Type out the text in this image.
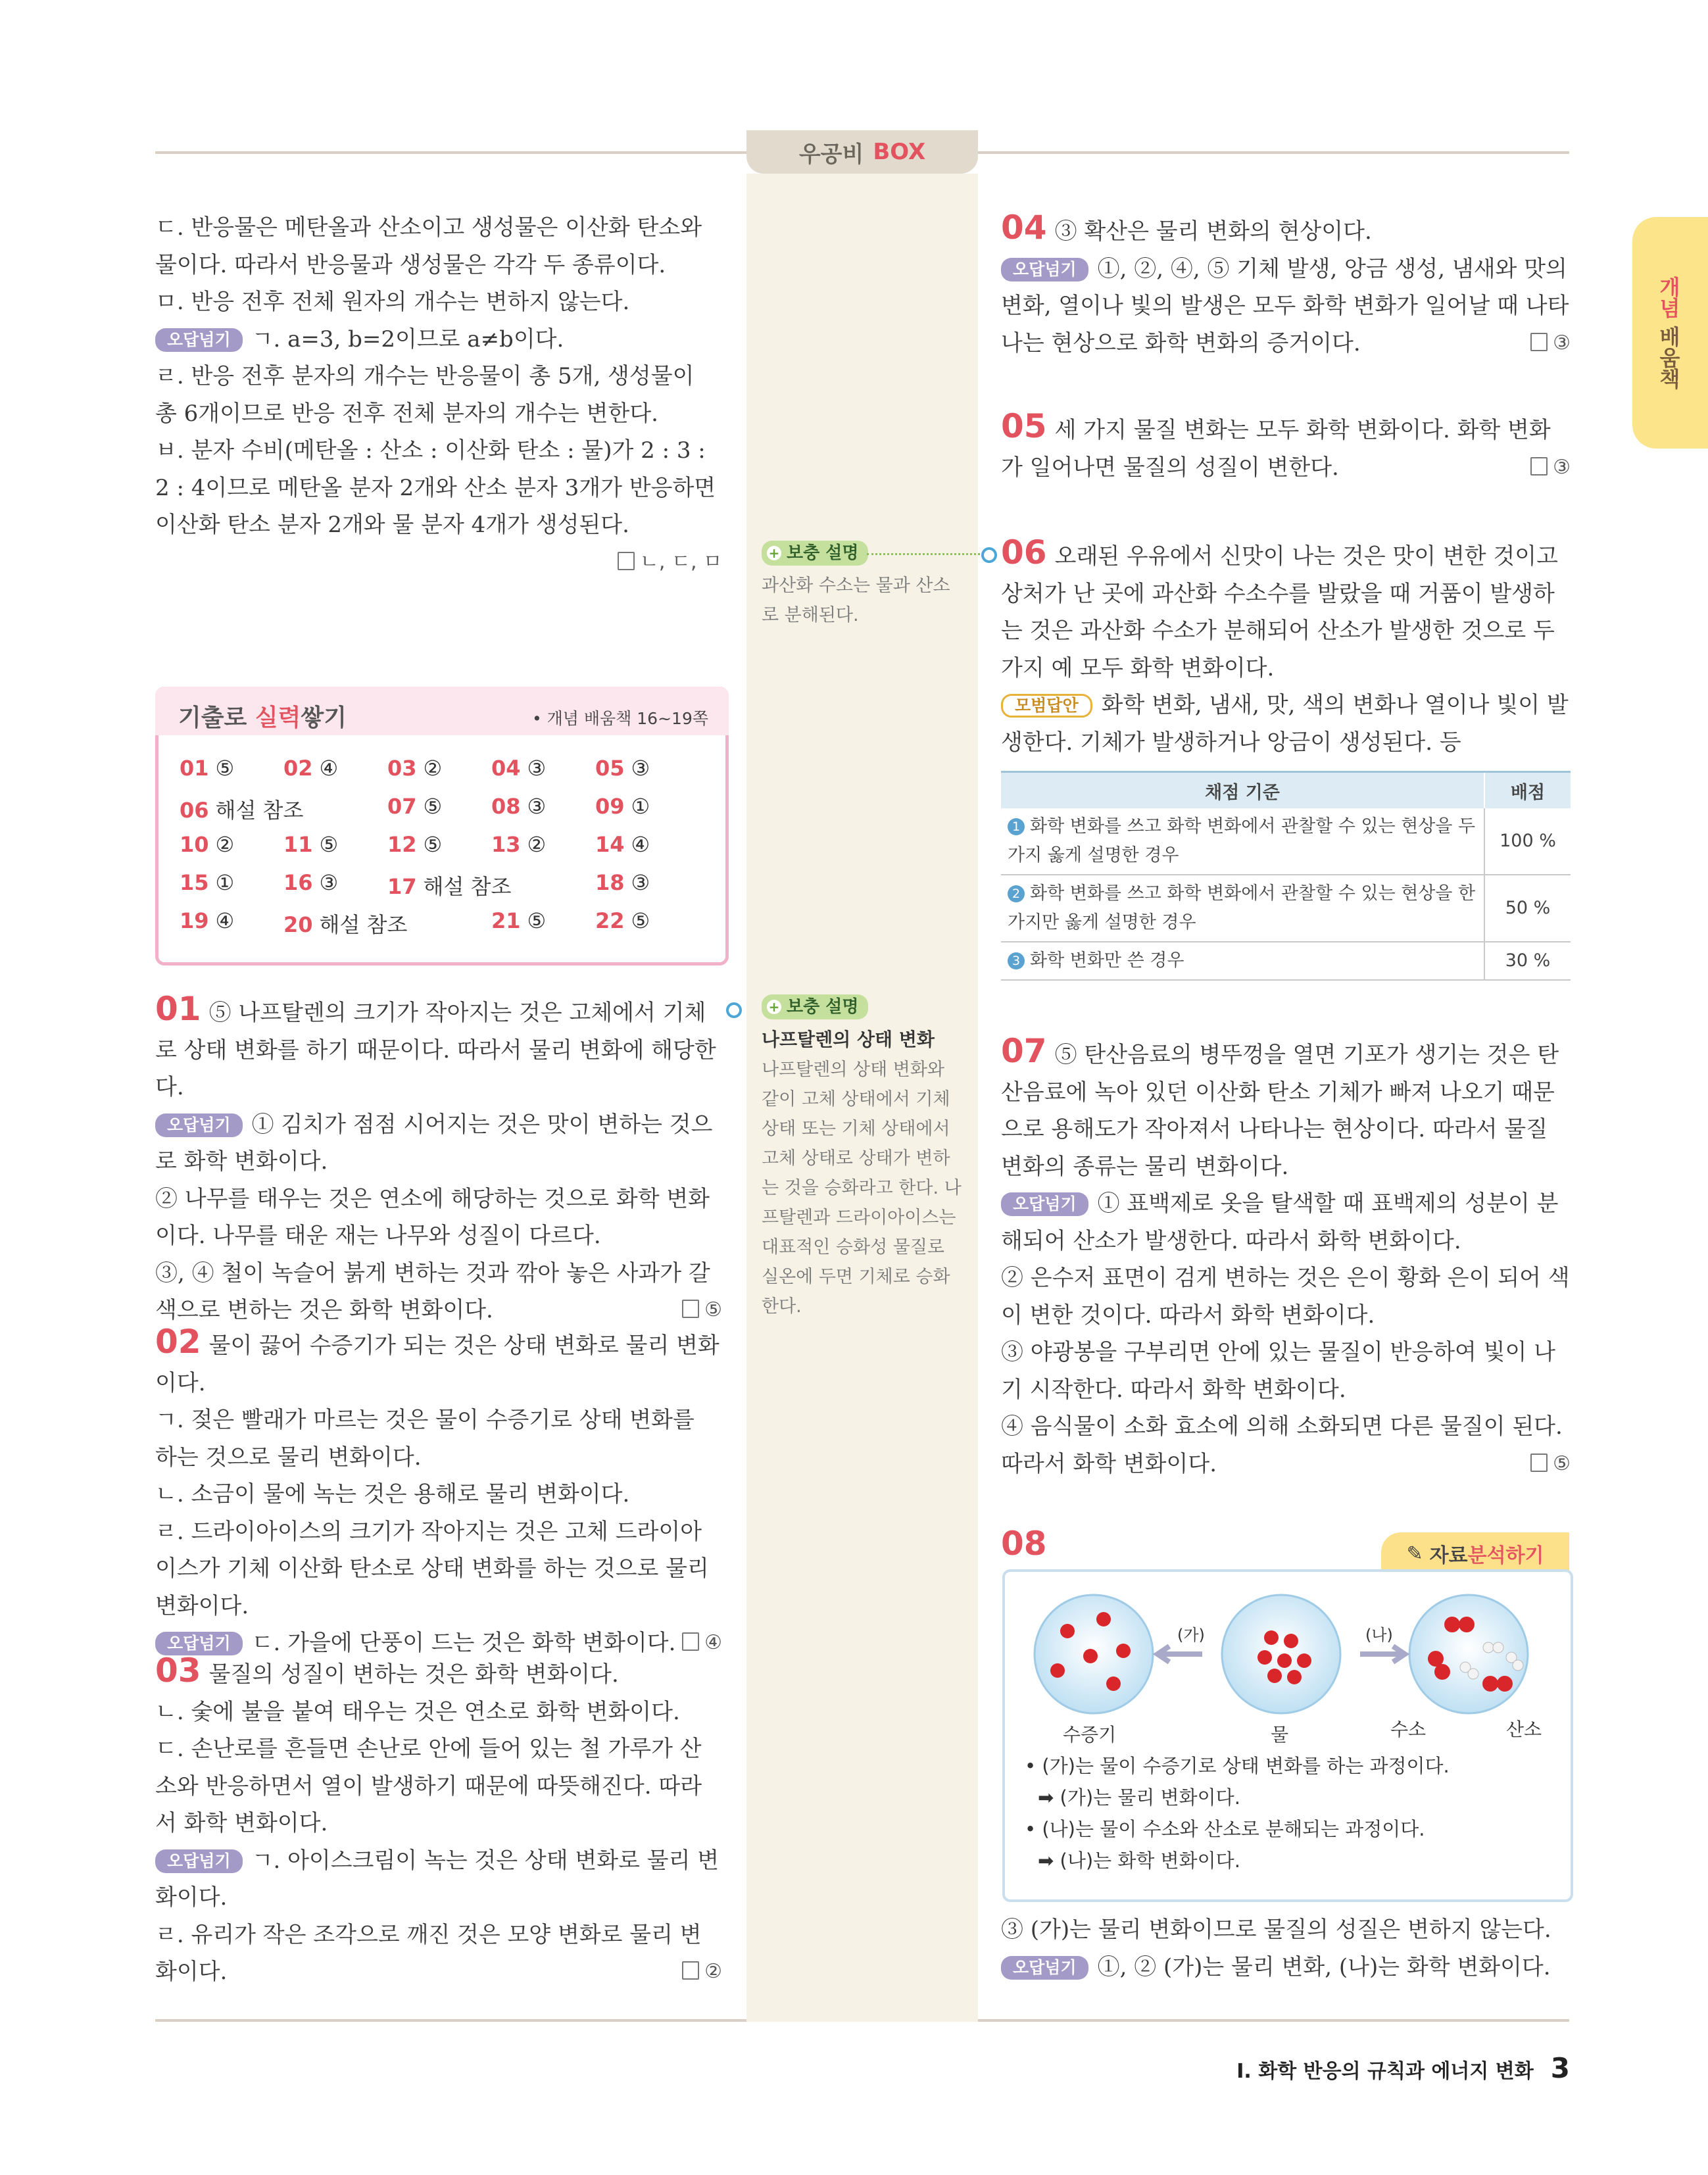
우공비 BOX
개념 배움책

ㄷ. 반응물은 메탄올과 산소이고 생성물은 이산화 탄소와 물이다. 따라서 반응물과 생성물은 각각 두 종류이다.

ㅁ. 반응 전후 전체 원자의 개수는 변하지 않는다.

오답넘기 ㄱ. a=3, b=2이므로 a≠b이다.

ㄹ. 반응 전후 분자의 개수는 반응물이 총 5개, 생성물이 총 6개이므로 반응 전후 전체 분자의 개수는 변한다.

ㅂ. 분자 수비(메탄올 : 산소 : 이산화 탄소 : 물)가 2 : 3 : 2 : 4이므로 메탄올 분자 2개와 산소 분자 3개가 반응하면 이산화 탄소 분자 2개와 물 분자 4개가 생성된다.
ㄴ, ㄷ, ㅁ

기출로 실력쌓기	• 개념 배움책 16~19쪽
01 ⑤ 02 ④ 03 ② 04 ③ 05 ③
06 해설 참조	07 ⑤ 08 ③ 09 ①
10 ② 11 ⑤ 12 ⑤ 13 ② 14 ④
15 ① 16 ③ 17 해설 참조	18 ③
19 ④ 20 해설 참조	21 ⑤ 22 ⑤

01 ⑤ 나프탈렌의 크기가 작아지는 것은 고체에서 기체로 상태 변화를 하기 때문이다. 따라서 물리 변화에 해당한다.

오답넘기 ① 김치가 점점 시어지는 것은 맛이 변하는 것으로 화학 변화이다.

② 나무를 태우는 것은 연소에 해당하는 것으로 화학 변화이다. 나무를 태운 재는 나무와 성질이 다르다.

③, ④ 철이 녹슬어 붉게 변하는 것과 깎아 놓은 사과가 갈색으로 변하는 것은 화학 변화이다.	⑤

02 물이 끓어 수증기가 되는 것은 상태 변화로 물리 변화이다.

ㄱ. 젖은 빨래가 마르는 것은 물이 수증기로 상태 변화를 하는 것으로 물리 변화이다.

ㄴ. 소금이 물에 녹는 것은 용해로 물리 변화이다.

ㄹ. 드라이아이스의 크기가 작아지는 것은 고체 드라이아이스가 기체 이산화 탄소로 상태 변화를 하는 것으로 물리 변화이다.

오답넘기 ㄷ. 가을에 단풍이 드는 것은 화학 변화이다.	④

03 물질의 성질이 변하는 것은 화학 변화이다.

ㄴ. 숯에 불을 붙여 태우는 것은 연소로 화학 변화이다.

ㄷ. 손난로를 흔들면 손난로 안에 들어 있는 철 가루가 산소와 반응하면서 열이 발생하기 때문에 따뜻해진다. 따라서 화학 변화이다.

오답넘기 ㄱ. 아이스크림이 녹는 것은 상태 변화로 물리 변화이다.

ㄹ. 유리가 작은 조각으로 깨진 것은 모양 변화로 물리 변화이다.	②

+ 보충 설명
과산화 수소는 물과 산소로 분해된다.
+ 보충 설명
나프탈렌의 상태 변화
나프탈렌의 상태 변화와 같이 고체 상태에서 기체 상태 또는 기체 상태에서 고체 상태로 상태가 변하는 것을 승화라고 한다. 나프탈렌과 드라이아이스는 대표적인 승화성 물질로 실온에 두면 기체로 승화한다.

04 ③ 확산은 물리 변화의 현상이다.

오답넘기 ①, ②, ④, ⑤ 기체 발생, 앙금 생성, 냄새와 맛의 변화, 열이나 빛의 발생은 모두 화학 변화가 일어날 때 나타나는 현상으로 화학 변화의 증거이다.	③

05 세 가지 물질 변화는 모두 화학 변화이다. 화학 변화가 일어나면 물질의 성질이 변한다.	③

06 오래된 우유에서 신맛이 나는 것은 맛이 변한 것이고 상처가 난 곳에 과산화 수소수를 발랐을 때 거품이 발생하는 것은 과산화 수소가 분해되어 산소가 발생한 것으로 두 가지 예 모두 화학 변화이다.

모범답안 화학 변화, 냄새, 맛, 색의 변화나 열이나 빛이 발생한다. 기체가 발생하거나 앙금이 생성된다. 등

채점 기준	배점
1 화학 변화를 쓰고 화학 변화에서 관찰할 수 있는 현상을 두 가지 옳게 설명한 경우	100 %
2 화학 변화를 쓰고 화학 변화에서 관찰할 수 있는 현상을 한 가지만 옳게 설명한 경우	50 %
3 화학 변화만 쓴 경우	30 %

07 ⑤ 탄산음료의 병뚜껑을 열면 기포가 생기는 것은 탄산음료에 녹아 있던 이산화 탄소 기체가 빠져 나오기 때문으로 용해도가 작아져서 나타나는 현상이다. 따라서 물질 변화의 종류는 물리 변화이다.

오답넘기 ① 표백제로 옷을 탈색할 때 표백제의 성분이 분해되어 산소가 발생한다. 따라서 화학 변화이다.

② 은수저 표면이 검게 변하는 것은 은이 황화 은이 되어 색이 변한 것이다. 따라서 화학 변화이다.

③ 야광봉을 구부리면 안에 있는 물질이 반응하여 빛이 나기 시작한다. 따라서 화학 변화이다.

④ 음식물이 소화 효소에 의해 소화되면 다른 물질이 된다. 따라서 화학 변화이다.	⑤

08	✎ 자료 분석하기
(가)	(나)
수증기	물	수소	산소
• (가)는 물이 수증기로 상태 변화를 하는 과정이다.
➡ (가)는 물리 변화이다.
• (나)는 물이 수소와 산소로 분해되는 과정이다.
➡ (나)는 화학 변화이다.

③ (가)는 물리 변화이므로 물질의 성질은 변하지 않는다.

오답넘기 ①, ② (가)는 물리 변화, (나)는 화학 변화이다.

Ⅰ. 화학 반응의 규칙과 에너지 변화 3
